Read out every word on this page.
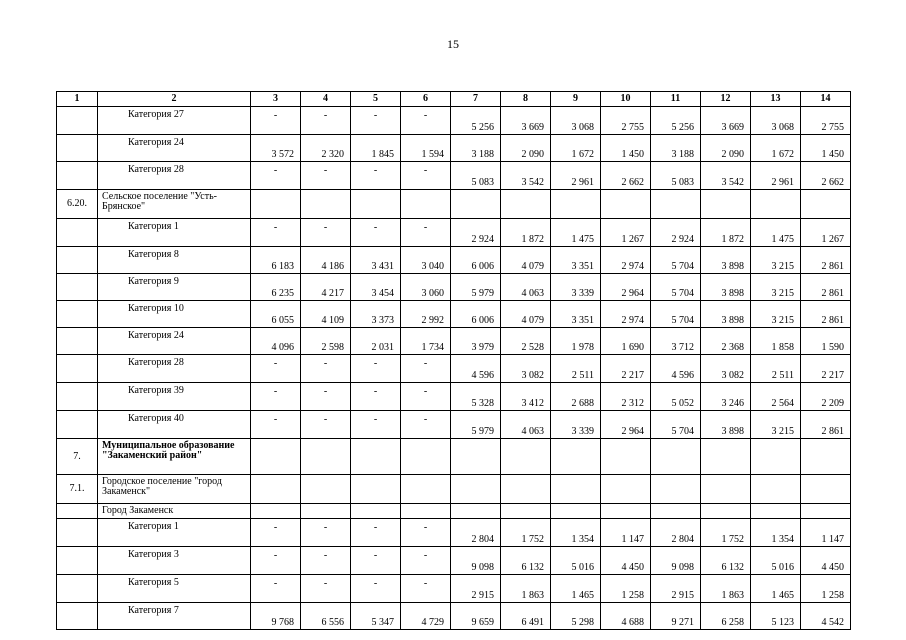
15
1	2	3	4	5	6	7	8	9	10	11	12	13	14
	Категория 27	-	-	-	-	5 256	3 669	3 068	2 755	5 256	3 669	3 068	2 755
	Категория 24	3 572	2 320	1 845	1 594	3 188	2 090	1 672	1 450	3 188	2 090	1 672	1 450
	Категория 28	-	-	-	-	5 083	3 542	2 961	2 662	5 083	3 542	2 961	2 662
6.20.	Сельское поселение "Усть-Брянское"												
	Категория 1	-	-	-	-	2 924	1 872	1 475	1 267	2 924	1 872	1 475	1 267
	Категория 8	6 183	4 186	3 431	3 040	6 006	4 079	3 351	2 974	5 704	3 898	3 215	2 861
	Категория 9	6 235	4 217	3 454	3 060	5 979	4 063	3 339	2 964	5 704	3 898	3 215	2 861
	Категория 10	6 055	4 109	3 373	2 992	6 006	4 079	3 351	2 974	5 704	3 898	3 215	2 861
	Категория 24	4 096	2 598	2 031	1 734	3 979	2 528	1 978	1 690	3 712	2 368	1 858	1 590
	Категория 28	-	-	-	-	4 596	3 082	2 511	2 217	4 596	3 082	2 511	2 217
	Категория 39	-	-	-	-	5 328	3 412	2 688	2 312	5 052	3 246	2 564	2 209
	Категория 40	-	-	-	-	5 979	4 063	3 339	2 964	5 704	3 898	3 215	2 861
7.	Муниципальное образование "Закаменский район"												
7.1.	Городское поселение "город Закаменск"												
	Город Закаменск												
	Категория 1	-	-	-	-	2 804	1 752	1 354	1 147	2 804	1 752	1 354	1 147
	Категория 3	-	-	-	-	9 098	6 132	5 016	4 450	9 098	6 132	5 016	4 450
	Категория 5	-	-	-	-	2 915	1 863	1 465	1 258	2 915	1 863	1 465	1 258
	Категория 7	9 768	6 556	5 347	4 729	9 659	6 491	5 298	4 688	9 271	6 258	5 123	4 542
